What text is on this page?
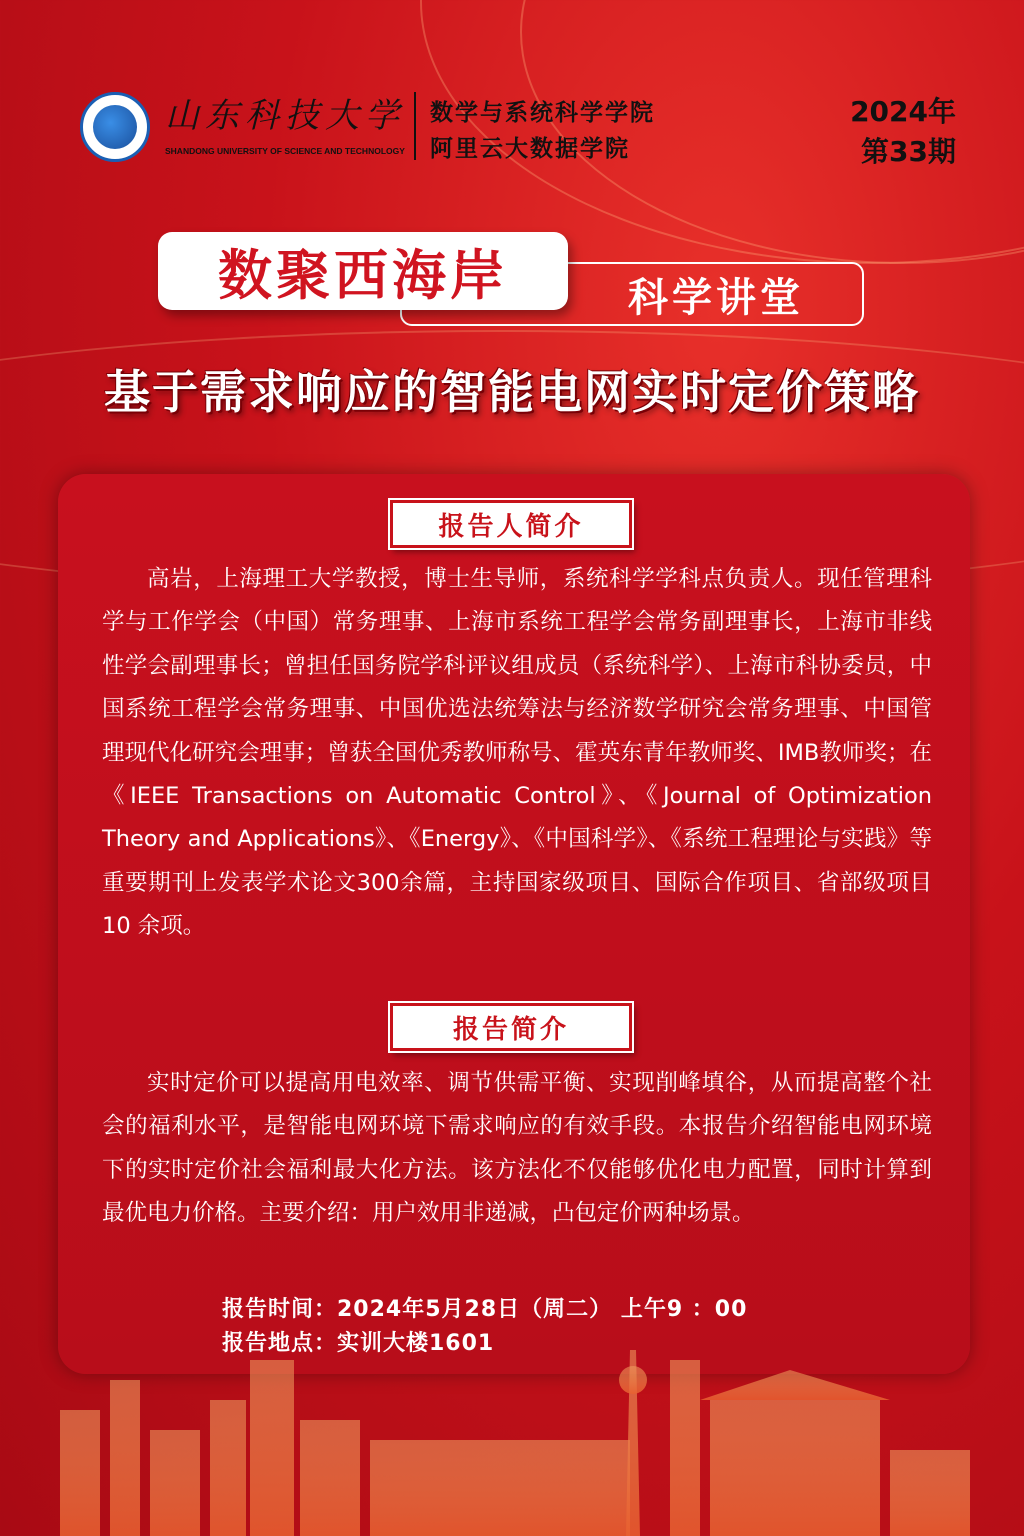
山东科技大学
SHANDONG UNIVERSITY OF SCIENCE AND TECHNOLOGY
数学与系统科学学院
阿里云大数据学院
2024年
第33期
数聚西海岸	科学讲堂
基于需求响应的智能电网实时定价策略
报告人简介
高岩，上海理工大学教授，博士生导师，系统科学学科点负责人。现任管理科学与工作学会（中国）常务理事、上海市系统工程学会常务副理事长，上海市非线性学会副理事长；曾担任国务院学科评议组成员（系统科学）、上海市科协委员，中国系统工程学会常务理事、中国优选法统筹法与经济数学研究会常务理事、中国管理现代化研究会理事；曾获全国优秀教师称号、霍英东青年教师奖、IMB教师奖；在《IEEE Transactions on Automatic Control》、《Journal of Optimization Theory and Applications》、《Energy》、《中国科学》、《系统工程理论与实践》等重要期刊上发表学术论文300余篇，主持国家级项目、国际合作项目、省部级项目10 余项。
报告简介
实时定价可以提高用电效率、调节供需平衡、实现削峰填谷，从而提高整个社会的福利水平，是智能电网环境下需求响应的有效手段。本报告介绍智能电网环境下的实时定价社会福利最大化方法。该方法化不仅能够优化电力配置，同时计算到最优电力价格。主要介绍：用户效用非递减，凸包定价两种场景。
报告时间：2024年5月28日（周二） 上午9 ：00
报告地点：实训大楼1601
